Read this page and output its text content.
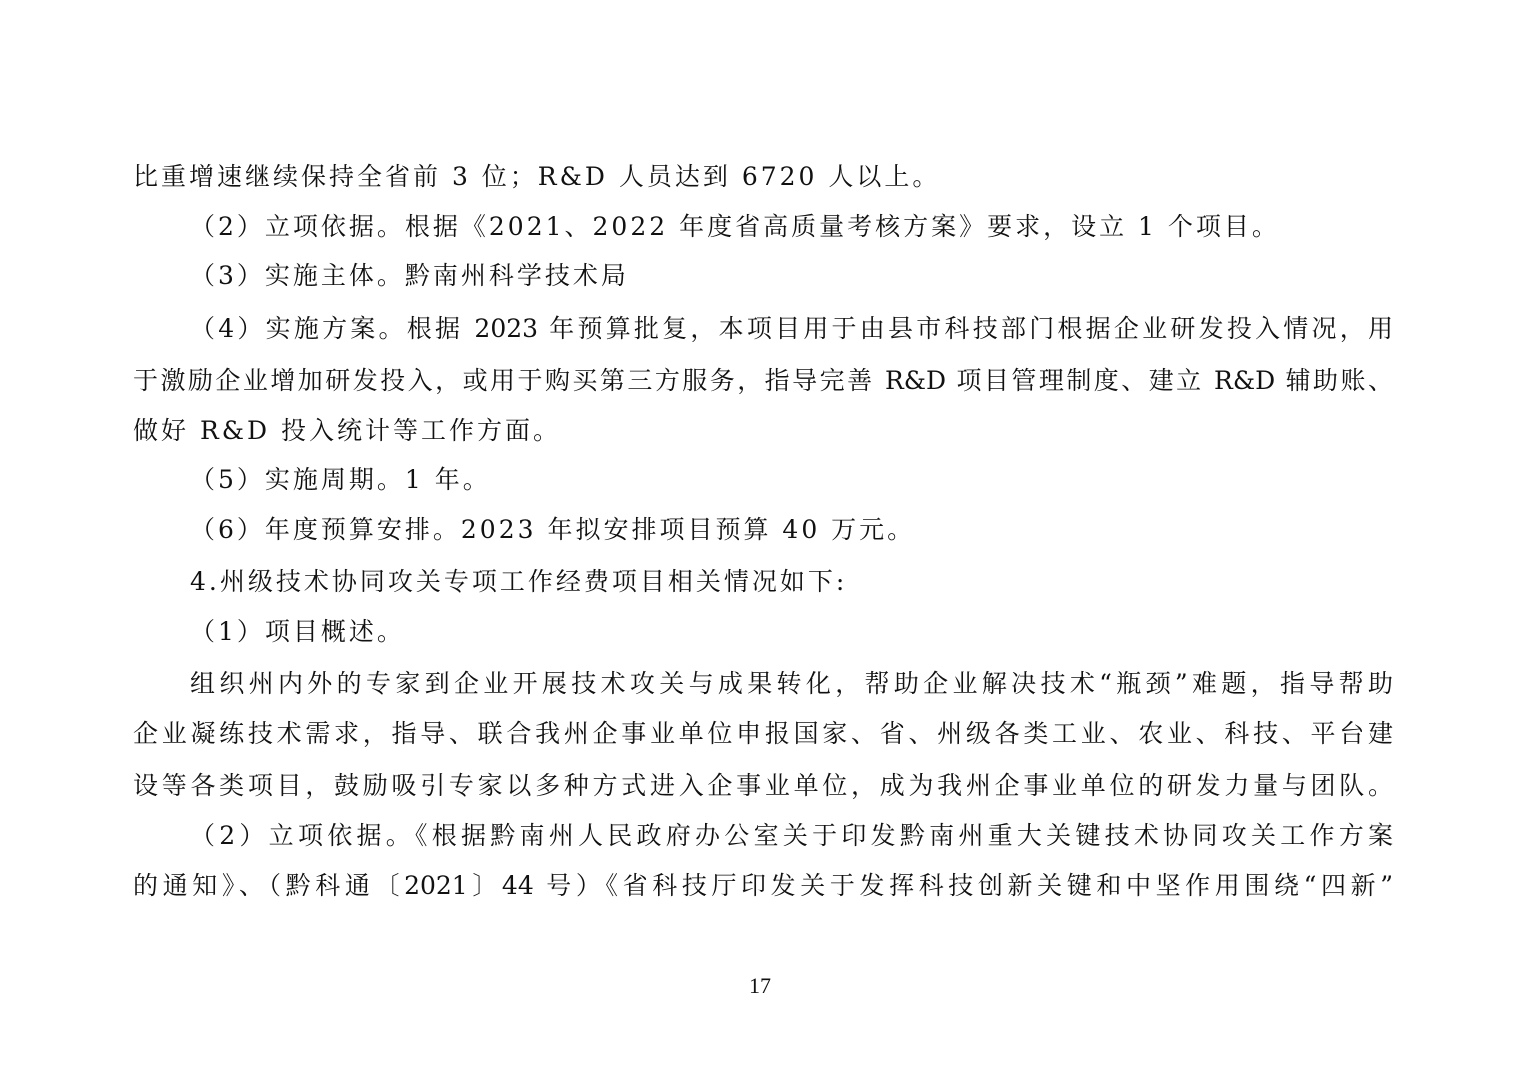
比重增速继续保持全省前 3 位；R&D 人员达到 6720 人以上。
（2）立项依据。根据《2021、2022 年度省高质量考核方案》要求，设立 1 个项目。
（3）实施主体。黔南州科学技术局
（4）实施方案。根据 2023 年预算批复，本项目用于由县市科技部门根据企业研发投入情况，用
于激励企业增加研发投入，或用于购买第三方服务，指导完善 R&D 项目管理制度、建立 R&D 辅助账、
做好 R&D 投入统计等工作方面。
（5）实施周期。1 年。
（6）年度预算安排。2023 年拟安排项目预算 40 万元。
4.州级技术协同攻关专项工作经费项目相关情况如下:
（1）项目概述。
组织州内外的专家到企业开展技术攻关与成果转化，帮助企业解决技术“瓶颈”难题，指导帮助
企业凝练技术需求，指导、联合我州企事业单位申报国家、省、州级各类工业、农业、科技、平台建
设等各类项目，鼓励吸引专家以多种方式进入企事业单位，成为我州企事业单位的研发力量与团队。
（2）立项依据。《根据黔南州人民政府办公室关于印发黔南州重大关键技术协同攻关工作方案
的通知》、（黔科通〔2021〕44 号）《省科技厅印发关于发挥科技创新关键和中坚作用围绕“四新”
17
